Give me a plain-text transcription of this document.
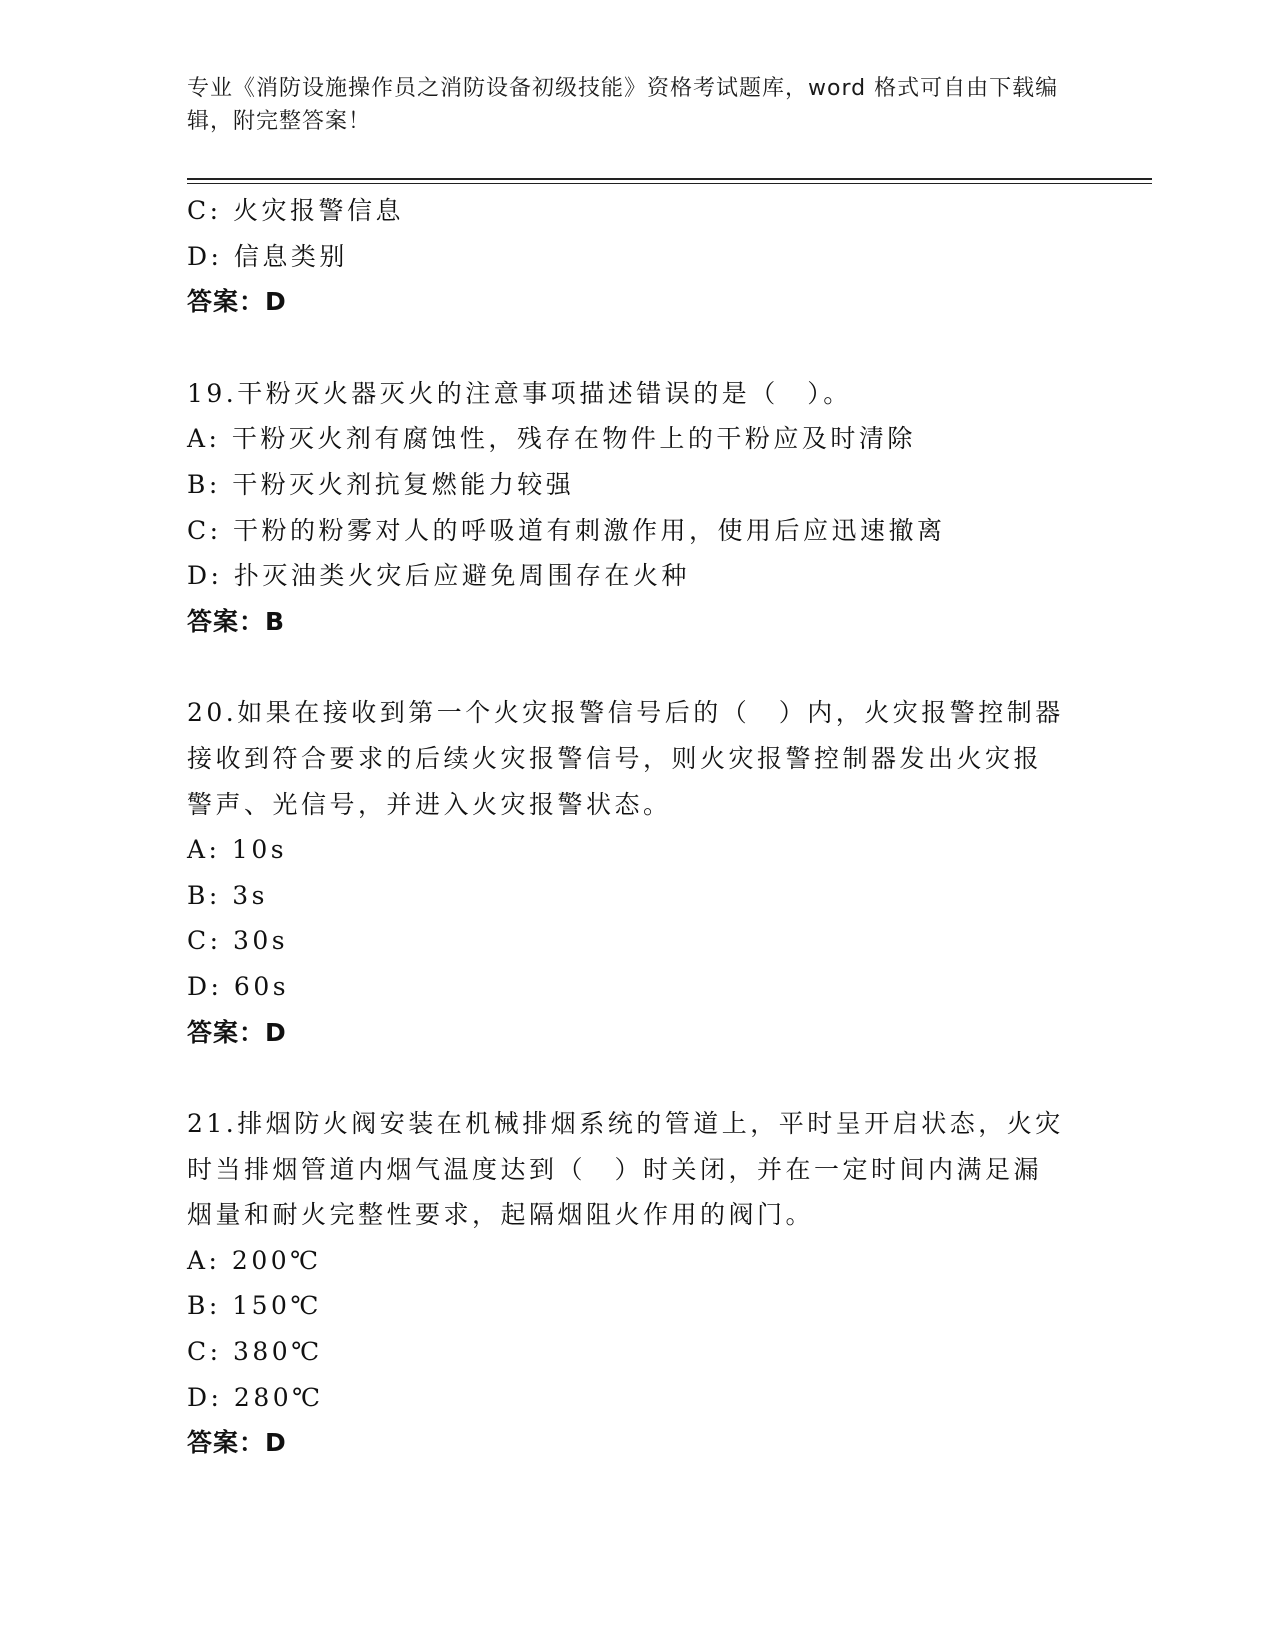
专业《消防设施操作员之消防设备初级技能》资格考试题库，word 格式可自由下载编辑，附完整答案！
C: 火灾报警信息
D: 信息类别
答案：D
19.干粉灭火器灭火的注意事项描述错误的是（　）。
A: 干粉灭火剂有腐蚀性，残存在物件上的干粉应及时清除
B: 干粉灭火剂抗复燃能力较强
C: 干粉的粉雾对人的呼吸道有刺激作用，使用后应迅速撤离
D: 扑灭油类火灾后应避免周围存在火种
答案：B
20.如果在接收到第一个火灾报警信号后的（　）内，火灾报警控制器接收到符合要求的后续火灾报警信号，则火灾报警控制器发出火灾报警声、光信号，并进入火灾报警状态。
A: 10s
B: 3s
C: 30s
D: 60s
答案：D
21.排烟防火阀安装在机械排烟系统的管道上，平时呈开启状态，火灾时当排烟管道内烟气温度达到（　）时关闭，并在一定时间内满足漏烟量和耐火完整性要求，起隔烟阻火作用的阀门。
A: 200℃
B: 150℃
C: 380℃
D: 280℃
答案：D
